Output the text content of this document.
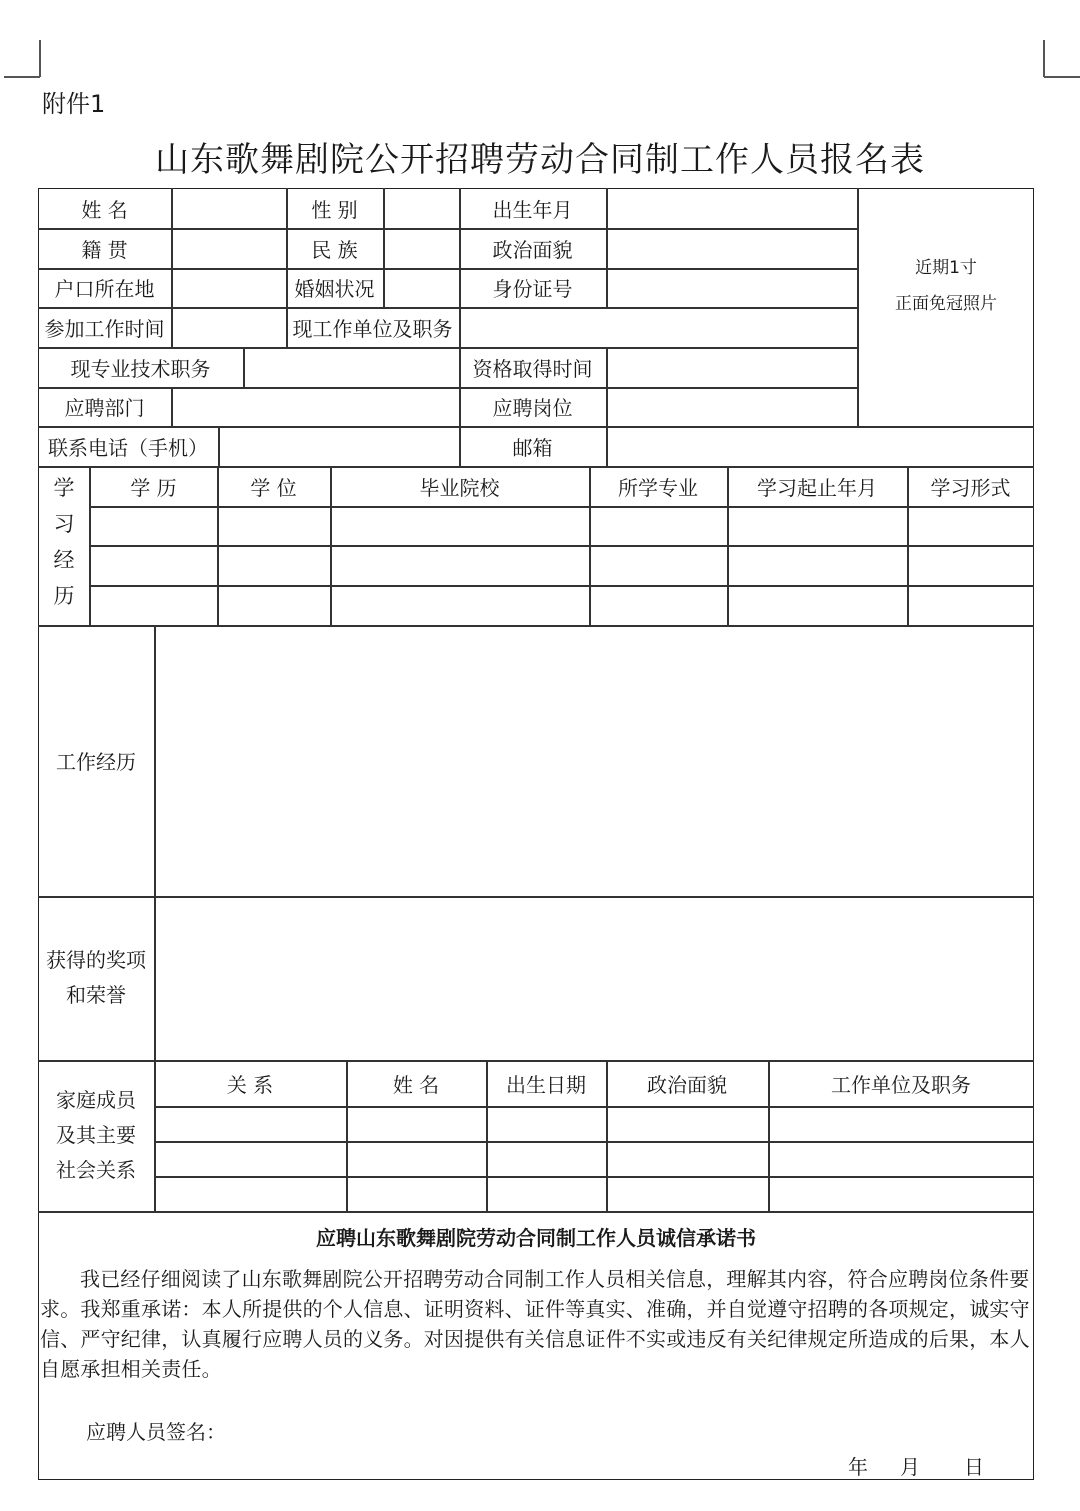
附件1
山东歌舞剧院公开招聘劳动合同制工作人员报名表
姓 名	性 别	出生年月
籍 贯	民 族	政治面貌
户口所在地	婚姻状况	身份证号
参加工作时间	现工作单位及职务
现专业技术职务	资格取得时间
应聘部门	应聘岗位
联系电话（手机）	邮箱
近期1寸
正面免冠照片
学
习
经
历
学 历	学 位	毕业院校	所学专业	学习起止年月	学习形式
工作经历
获得的奖项
和荣誉
家庭成员
及其主要
社会关系
关 系	姓 名	出生日期	政治面貌	工作单位及职务
应聘山东歌舞剧院劳动合同制工作人员诚信承诺书
我已经仔细阅读了山东歌舞剧院公开招聘劳动合同制工作人员相关信息，理解其内容，符合应聘岗位条件要求。我郑重承诺：本人所提供的个人信息、证明资料、证件等真实、准确，并自觉遵守招聘的各项规定，诚实守信、严守纪律，认真履行应聘人员的义务。对因提供有关信息证件不实或违反有关纪律规定所造成的后果，本人自愿承担相关责任。
应聘人员签名：
年 月 日
